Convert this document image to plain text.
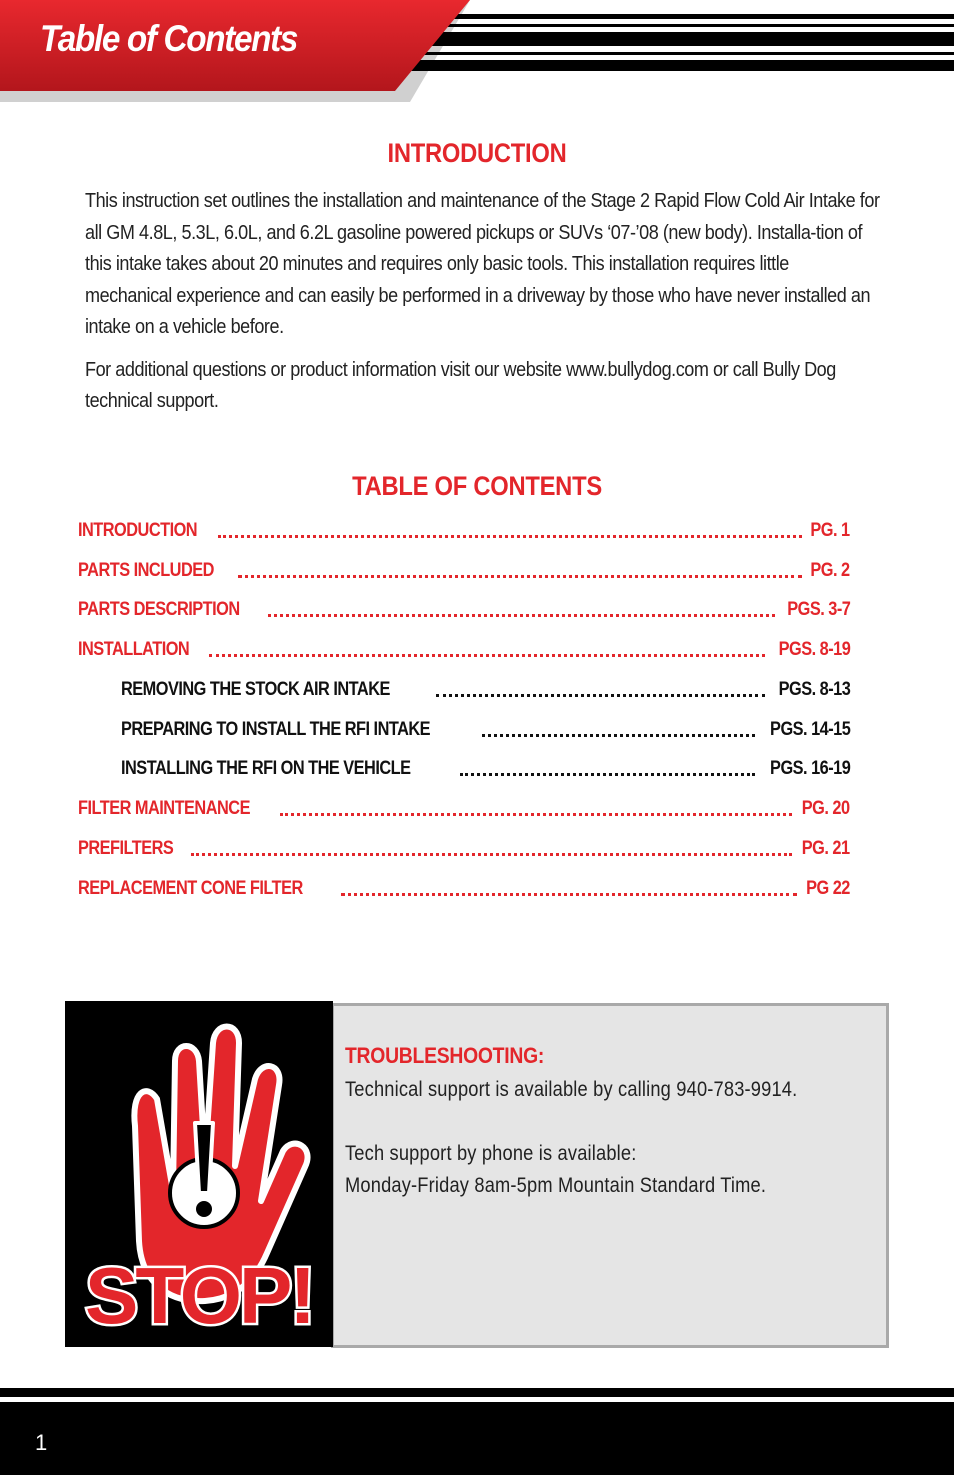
Table of Contents
INTRODUCTION

This instruction set outlines the installation and maintenance of the Stage 2 Rapid Flow Cold Air Intake for all GM 4.8L, 5.3L, 6.0L, and 6.2L gasoline powered pickups or SUVs ‘07-’08 (new body). Installa-tion of this intake takes about 20 minutes and requires only basic tools. This installation requires little mechanical experience and can easily be performed in a driveway by those who have never installed an intake on a vehicle before.

For additional questions or product information visit our website www.bullydog.com or call Bully Dog technical support.

TABLE OF CONTENTS
INTRODUCTION	PG. 1
PARTS INCLUDED	PG. 2
PARTS DESCRIPTION	PGS. 3-7
INSTALLATION	PGS. 8-19
REMOVING THE STOCK AIR INTAKE	PGS. 8-13
PREPARING TO INSTALL THE RFI INTAKE	PGS. 14-15
INSTALLING THE RFI ON THE VEHICLE	PGS. 16-19
FILTER MAINTENANCE	PG. 20
PREFILTERS	PG. 21
REPLACEMENT CONE FILTER	PG 22
STOP!
TROUBLESHOOTING:
Technical support is available by calling 940-783-9914.
Tech support by phone is available:
Monday-Friday 8am-5pm Mountain Standard Time.
1
